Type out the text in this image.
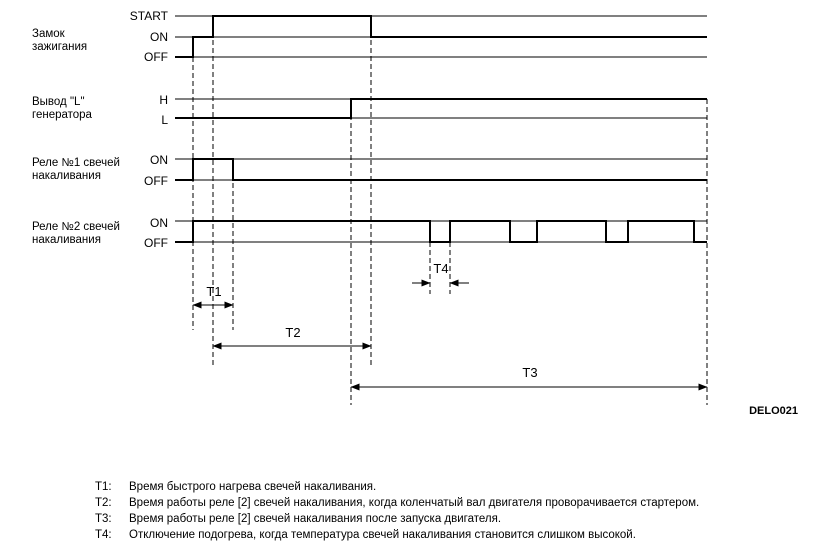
Замок
зажигания
Вывод "L"
генератора
Реле №1 свечей
накаливания
Реле №2 свечей
накаливания
START
ON
OFF
H
L
ON
OFF
ON
OFF
T1
T2
T3
T4
DELO021
T1:	Время быстрого нагрева свечей накаливания.
T2:	Время работы реле [2] свечей накаливания, когда коленчатый вал двигателя проворачивается стартером.
T3:	Время работы реле [2] свечей накаливания после запуска двигателя.
T4:	Отключение подогрева, когда температура свечей накаливания становится слишком высокой.
